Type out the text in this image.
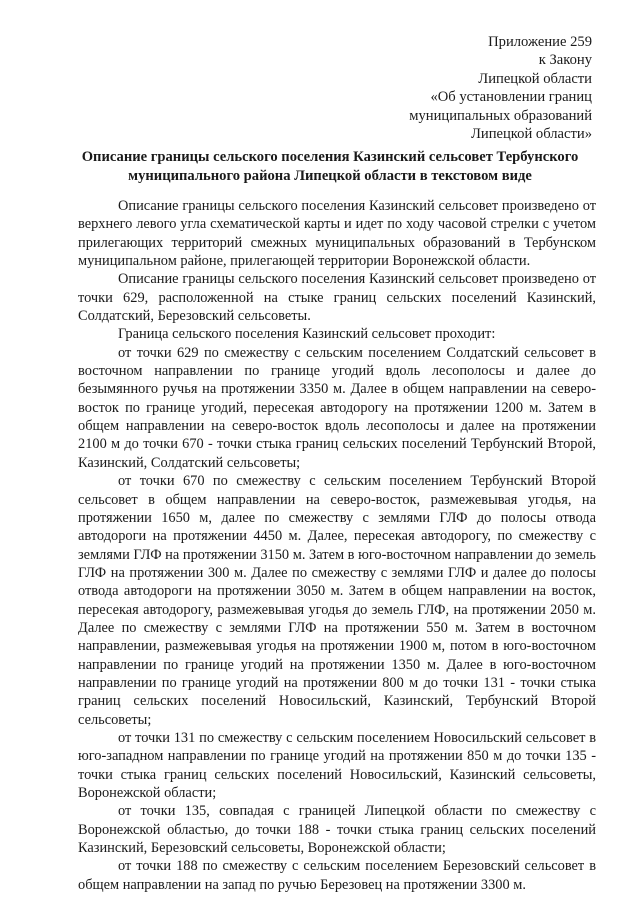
Приложение 259
к Закону
Липецкой области
«Об установлении границ
муниципальных образований
Липецкой области»
Описание границы сельского поселения Казинский сельсовет Тербунского муниципального района Липецкой области в текстовом виде

Описание границы сельского поселения Казинский сельсовет произведено от верхнего левого угла схематической карты и идет по ходу часовой стрелки с учетом прилегающих территорий смежных муниципальных образований в Тербунском муниципальном районе, прилегающей территории Воронежской области.

Описание границы сельского поселения Казинский сельсовет произведено от точки 629, расположенной на стыке границ сельских поселений Казинский, Солдатский, Березовский сельсоветы.

Граница сельского поселения Казинский сельсовет проходит:

от точки 629 по смежеству с сельским поселением Солдатский сельсовет в восточном направлении по границе угодий вдоль лесополосы и далее до безымянного ручья на протяжении 3350 м. Далее в общем направлении на северо-восток по границе угодий, пересекая автодорогу на протяжении 1200 м. Затем в общем направлении на северо-восток вдоль лесополосы и далее на протяжении 2100 м до точки 670 - точки стыка границ сельских поселений Тербунский Второй, Казинский, Солдатский сельсоветы;

от точки 670 по смежеству с сельским поселением Тербунский Второй сельсовет в общем направлении на северо-восток, размежевывая угодья, на протяжении 1650 м, далее по смежеству с землями ГЛФ до полосы отвода автодороги на протяжении 4450 м. Далее, пересекая автодорогу, по смежеству с землями ГЛФ на протяжении 3150 м. Затем в юго-восточном направлении до земель ГЛФ на протяжении 300 м. Далее по смежеству с землями ГЛФ и далее до полосы отвода автодороги на протяжении 3050 м. Затем в общем направлении на восток, пересекая автодорогу, размежевывая угодья до земель ГЛФ, на протяжении 2050 м. Далее по смежеству с землями ГЛФ на протяжении 550 м. Затем в восточном направлении, размежевывая угодья на протяжении 1900 м, потом в юго-восточном направлении по границе угодий на протяжении 1350 м. Далее в юго-восточном направлении по границе угодий на протяжении 800 м до точки 131 - точки стыка границ сельских поселений Новосильский, Казинский, Тербунский Второй сельсоветы;

от точки 131 по смежеству с сельским поселением Новосильский сельсовет в юго-западном направлении по границе угодий на протяжении 850 м до точки 135 - точки стыка границ сельских поселений Новосильский, Казинский сельсоветы, Воронежской области;

от точки 135, совпадая с границей Липецкой области по смежеству с Воронежской областью, до точки 188 - точки стыка границ сельских поселений Казинский, Березовский сельсоветы, Воронежской области;

от точки 188 по смежеству с сельским поселением Березовский сельсовет в общем направлении на запад по ручью Березовец на протяжении 3300 м.
